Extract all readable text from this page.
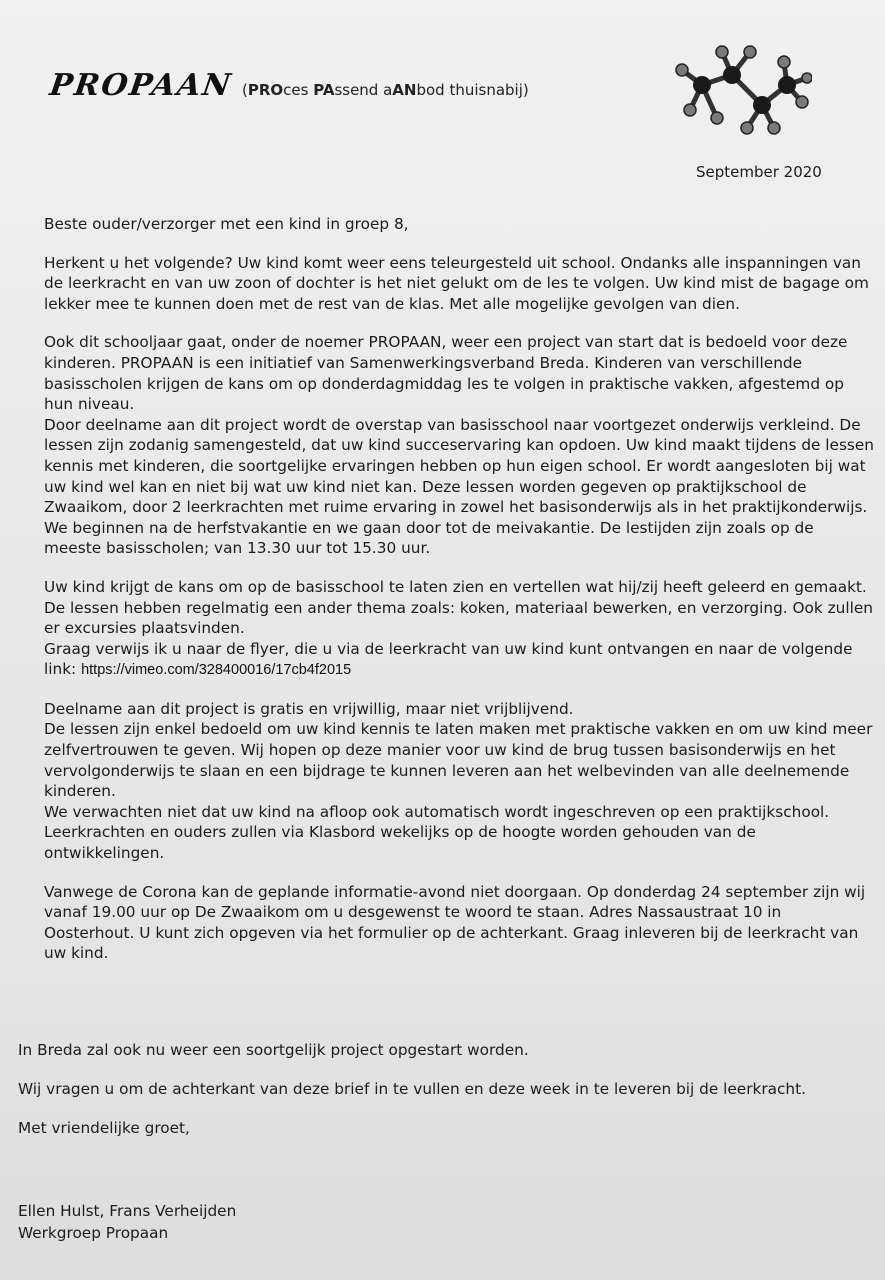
PROPAAN (PROces PAssend aANbod thuisnabij)
September 2020

Beste ouder/verzorger met een kind in groep 8,

Herkent u het volgende? Uw kind komt weer eens teleurgesteld uit school. Ondanks alle inspanningen van de leerkracht en van uw zoon of dochter is het niet gelukt om de les te volgen. Uw kind mist de bagage om lekker mee te kunnen doen met de rest van de klas. Met alle mogelijke gevolgen van dien.

Ook dit schooljaar gaat, onder de noemer PROPAAN, weer een project van start dat is bedoeld voor deze kinderen. PROPAAN is een initiatief van Samenwerkingsverband Breda. Kinderen van verschillende basisscholen krijgen de kans om op donderdagmiddag les te volgen in praktische vakken, afgestemd op hun niveau.

Door deelname aan dit project wordt de overstap van basisschool naar voortgezet onderwijs verkleind. De lessen zijn zodanig samengesteld, dat uw kind succeservaring kan opdoen. Uw kind maakt tijdens de lessen kennis met kinderen, die soortgelijke ervaringen hebben op hun eigen school. Er wordt aangesloten bij wat uw kind wel kan en niet bij wat uw kind niet kan. Deze lessen worden gegeven op praktijkschool de Zwaaikom, door 2 leerkrachten met ruime ervaring in zowel het basisonderwijs als in het praktijkonderwijs. We beginnen na de herfstvakantie en we gaan door tot de meivakantie. De lestijden zijn zoals op de meeste basisscholen; van 13.30 uur tot 15.30 uur.

Uw kind krijgt de kans om op de basisschool te laten zien en vertellen wat hij/zij heeft geleerd en gemaakt. De lessen hebben regelmatig een ander thema zoals: koken, materiaal bewerken, en verzorging. Ook zullen er excursies plaatsvinden.

Graag verwijs ik u naar de flyer, die u via de leerkracht van uw kind kunt ontvangen en naar de volgende link: https://vimeo.com/328400016/17cb4f2015

Deelname aan dit project is gratis en vrijwillig, maar niet vrijblijvend.

De lessen zijn enkel bedoeld om uw kind kennis te laten maken met praktische vakken en om uw kind meer zelfvertrouwen te geven. Wij hopen op deze manier voor uw kind de brug tussen basisonderwijs en het vervolgonderwijs te slaan en een bijdrage te kunnen leveren aan het welbevinden van alle deelnemende kinderen.

We verwachten niet dat uw kind na afloop ook automatisch wordt ingeschreven op een praktijkschool.

Leerkrachten en ouders zullen via Klasbord wekelijks op de hoogte worden gehouden van de ontwikkelingen.

Vanwege de Corona kan de geplande informatie-avond niet doorgaan. Op donderdag 24 september zijn wij vanaf 19.00 uur op De Zwaaikom om u desgewenst te woord te staan. Adres Nassaustraat 10 in Oosterhout. U kunt zich opgeven via het formulier op de achterkant. Graag inleveren bij de leerkracht van uw kind.

In Breda zal ook nu weer een soortgelijk project opgestart worden.

Wij vragen u om de achterkant van deze brief in te vullen en deze week in te leveren bij de leerkracht.

Met vriendelijke groet,

Ellen Hulst, Frans Verheijden
Werkgroep Propaan
